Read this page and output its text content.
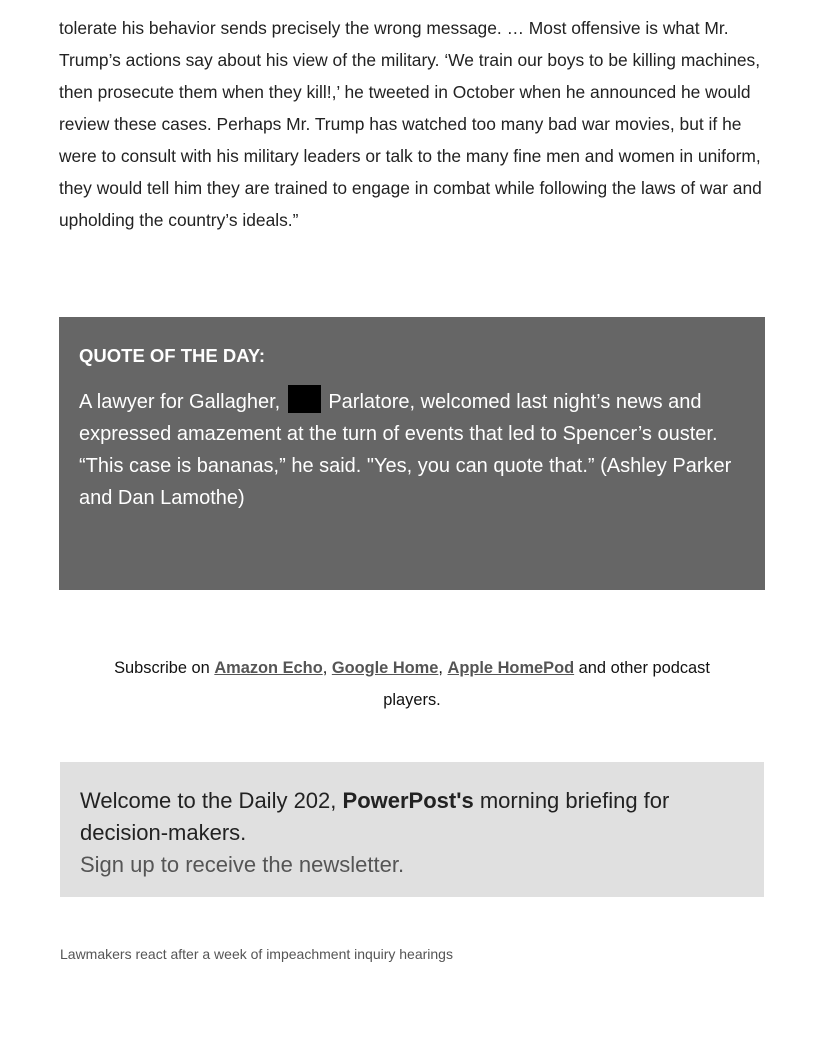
tolerate his behavior sends precisely the wrong message. … Most offensive is what Mr. Trump’s actions say about his view of the military. ‘We train our boys to be killing machines, then prosecute them when they kill!,’ he tweeted in October when he announced he would review these cases. Perhaps Mr. Trump has watched too many bad war movies, but if he were to consult with his military leaders or talk to the many fine men and women in uniform, they would tell him they are trained to engage in combat while following the laws of war and upholding the country’s ideals.”

QUOTE OF THE DAY:

A lawyer for Gallagher, Parlatore, welcomed last night’s news and expressed amazement at the turn of events that led to Spencer’s ouster. “This case is bananas,” he said. "Yes, you can quote that.” (Ashley Parker and Dan Lamothe)

Subscribe on Amazon Echo, Google Home, Apple HomePod and other podcast players.

Welcome to the Daily 202, PowerPost's morning briefing for decision-makers.

Sign up to receive the newsletter.

Lawmakers react after a week of impeachment inquiry hearings
